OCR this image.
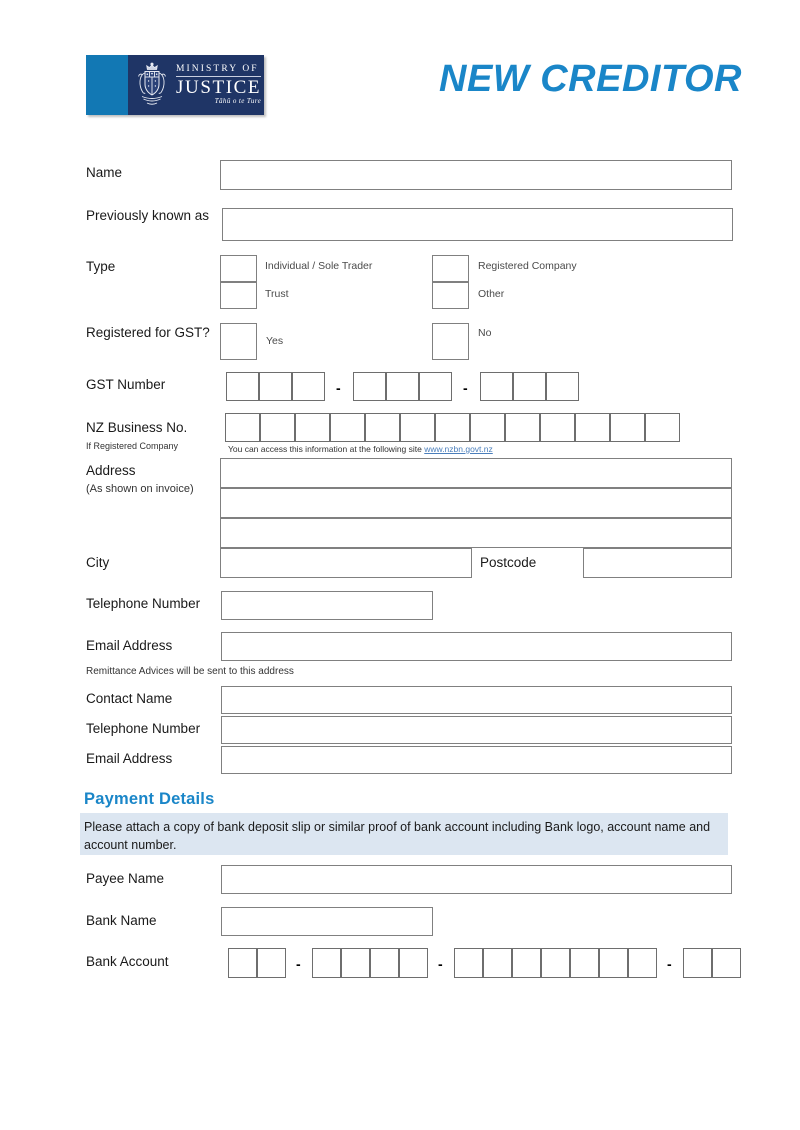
MINISTRY OF
JUSTICE
Tāhū o te Ture
NEW CREDITOR
Name
Previously known as
Type	Individual / Sole Trader	Registered Company
Trust	Other
Registered for GST?
Yes
No
GST Number	-	-
NZ Business No.
If Registered Company	You can access this information at the following site www.nzbn.govt.nz
Address
(As shown on invoice)
City	Postcode
Telephone Number
Email Address
Remittance Advices will be sent to this address
Contact Name
Telephone Number
Email Address
Payment Details
Please attach a copy of bank deposit slip or similar proof of bank account including Bank logo, account name and account number.
Payee Name
Bank Name
Bank Account	-	-	-
